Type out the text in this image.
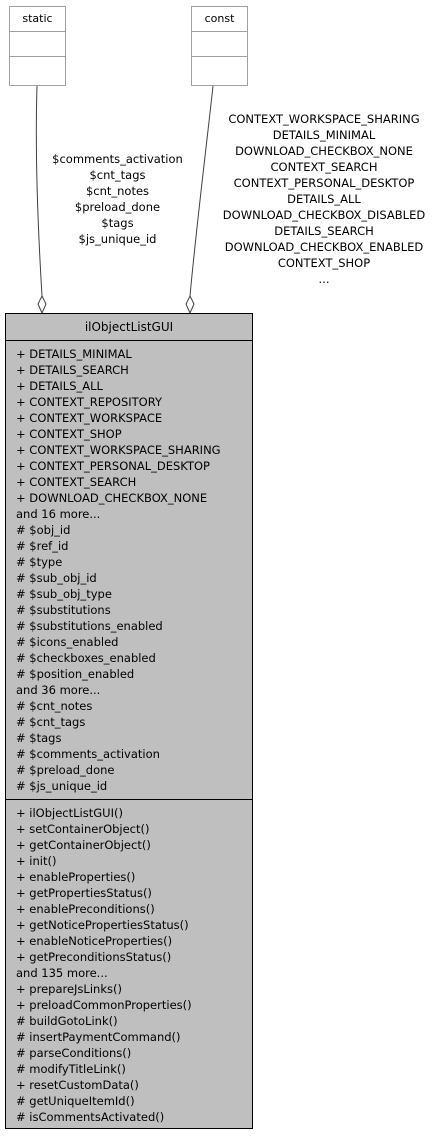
static	const
$comments_activation
$cnt_tags
$cnt_notes
$preload_done
$tags
$js_unique_id
CONTEXT_WORKSPACE_SHARING
DETAILS_MINIMAL
DOWNLOAD_CHECKBOX_NONE
CONTEXT_SEARCH
CONTEXT_PERSONAL_DESKTOP
DETAILS_ALL
DOWNLOAD_CHECKBOX_DISABLED
DETAILS_SEARCH
DOWNLOAD_CHECKBOX_ENABLED
CONTEXT_SHOP
...
ilObjectListGUI
+ DETAILS_MINIMAL
+ DETAILS_SEARCH
+ DETAILS_ALL
+ CONTEXT_REPOSITORY
+ CONTEXT_WORKSPACE
+ CONTEXT_SHOP
+ CONTEXT_WORKSPACE_SHARING
+ CONTEXT_PERSONAL_DESKTOP
+ CONTEXT_SEARCH
+ DOWNLOAD_CHECKBOX_NONE
and 16 more...
# $obj_id
# $ref_id
# $type
# $sub_obj_id
# $sub_obj_type
# $substitutions
# $substitutions_enabled
# $icons_enabled
# $checkboxes_enabled
# $position_enabled
and 36 more...
# $cnt_notes
# $cnt_tags
# $tags
# $comments_activation
# $preload_done
# $js_unique_id
+ ilObjectListGUI()
+ setContainerObject()
+ getContainerObject()
+ init()
+ enableProperties()
+ getPropertiesStatus()
+ enablePreconditions()
+ getNoticePropertiesStatus()
+ enableNoticeProperties()
+ getPreconditionsStatus()
and 135 more...
+ prepareJsLinks()
+ preloadCommonProperties()
# buildGotoLink()
# insertPaymentCommand()
# parseConditions()
# modifyTitleLink()
+ resetCustomData()
# getUniqueItemId()
# isCommentsActivated()
